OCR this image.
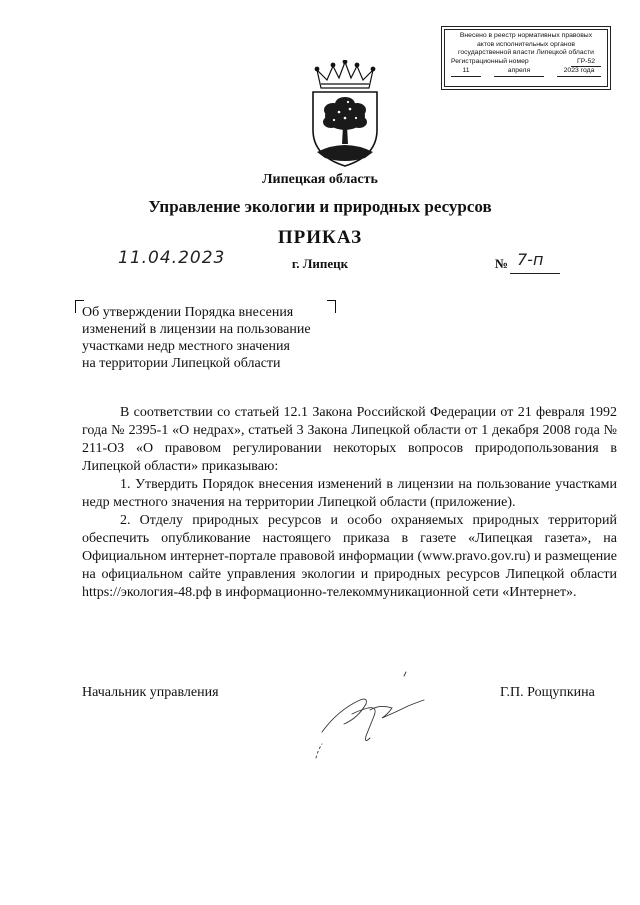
Внесено в реестр нормативных правовых
актов исполнительных органов
государственной власти Липецкой области
Регистрационный номер	ГР-52
11	апреля	2023 года
Липецкая область
Управление экологии и природных ресурсов
ПРИКАЗ
11.04.2023	г. Липецк	№ 7-п
Об утверждении Порядка внесения
изменений в лицензии на пользование
участками недр местного значения
на территории Липецкой области

В соответствии со статьей 12.1 Закона Российской Федерации от 21 февраля 1992 года № 2395-1 «О недрах», статьей 3 Закона Липецкой области от 1 декабря 2008 года № 211-ОЗ «О правовом регулировании некоторых вопросов природопользования в Липецкой области» приказываю:

1. Утвердить Порядок внесения изменений в лицензии на пользование участками недр местного значения на территории Липецкой области (приложение).

2. Отделу природных ресурсов и особо охраняемых природных территорий обеспечить опубликование настоящего приказа в газете «Липецкая газета», на Официальном интернет-портале правовой информации (www.pravo.gov.ru) и размещение на официальном сайте управления экологии и природных ресурсов Липецкой области https://экология-48.рф в информационно-телекоммуникационной сети «Интернет».

Начальник управления	Г.П. Рощупкина
